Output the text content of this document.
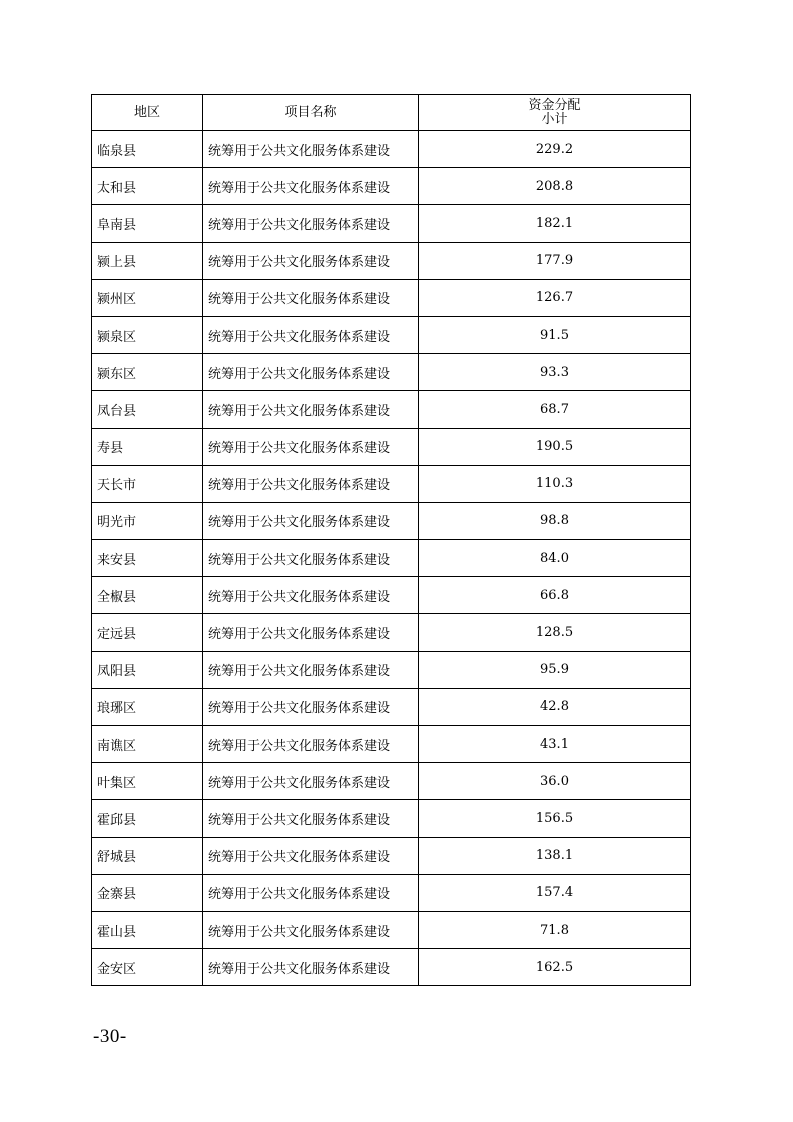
地区	项目名称	资金分配
小计

临泉县	统筹用于公共文化服务体系建设	229.2
太和县	统筹用于公共文化服务体系建设	208.8
阜南县	统筹用于公共文化服务体系建设	182.1
颍上县	统筹用于公共文化服务体系建设	177.9
颍州区	统筹用于公共文化服务体系建设	126.7
颍泉区	统筹用于公共文化服务体系建设	91.5
颍东区	统筹用于公共文化服务体系建设	93.3
凤台县	统筹用于公共文化服务体系建设	68.7
寿县	统筹用于公共文化服务体系建设	190.5
天长市	统筹用于公共文化服务体系建设	110.3
明光市	统筹用于公共文化服务体系建设	98.8
来安县	统筹用于公共文化服务体系建设	84.0
全椒县	统筹用于公共文化服务体系建设	66.8
定远县	统筹用于公共文化服务体系建设	128.5
凤阳县	统筹用于公共文化服务体系建设	95.9
琅琊区	统筹用于公共文化服务体系建设	42.8
南谯区	统筹用于公共文化服务体系建设	43.1
叶集区	统筹用于公共文化服务体系建设	36.0
霍邱县	统筹用于公共文化服务体系建设	156.5
舒城县	统筹用于公共文化服务体系建设	138.1
金寨县	统筹用于公共文化服务体系建设	157.4
霍山县	统筹用于公共文化服务体系建设	71.8
金安区	统筹用于公共文化服务体系建设	162.5
-30-
